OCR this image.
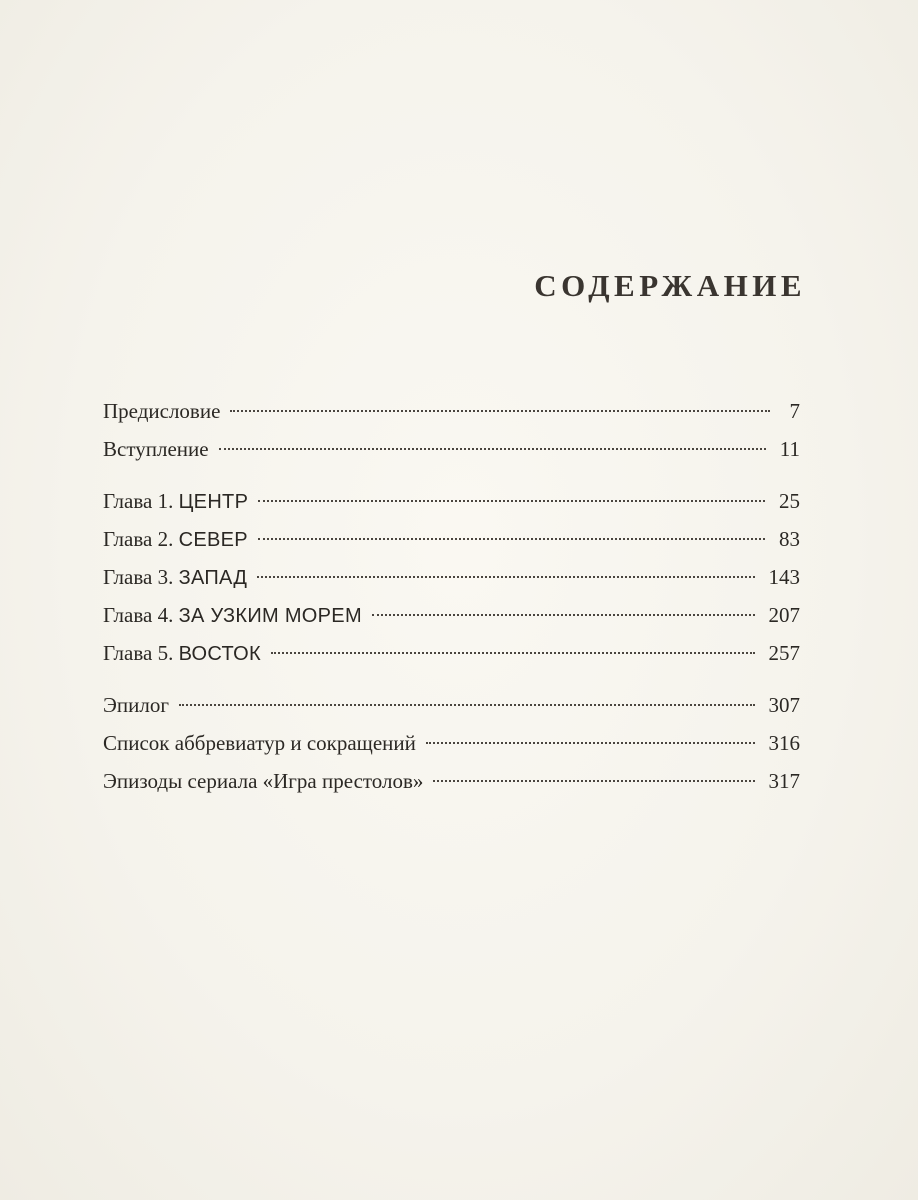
СОДЕРЖАНИЕ
Предисловие	7
Вступление	11
Глава 1. ЦЕНТР	25
Глава 2. СЕВЕР	83
Глава 3. ЗАПАД	143
Глава 4. ЗА УЗКИМ МОРЕМ	207
Глава 5. ВОСТОК	257
Эпилог	307
Список аббревиатур и сокращений	316
Эпизоды сериала «Игра престолов»	317
